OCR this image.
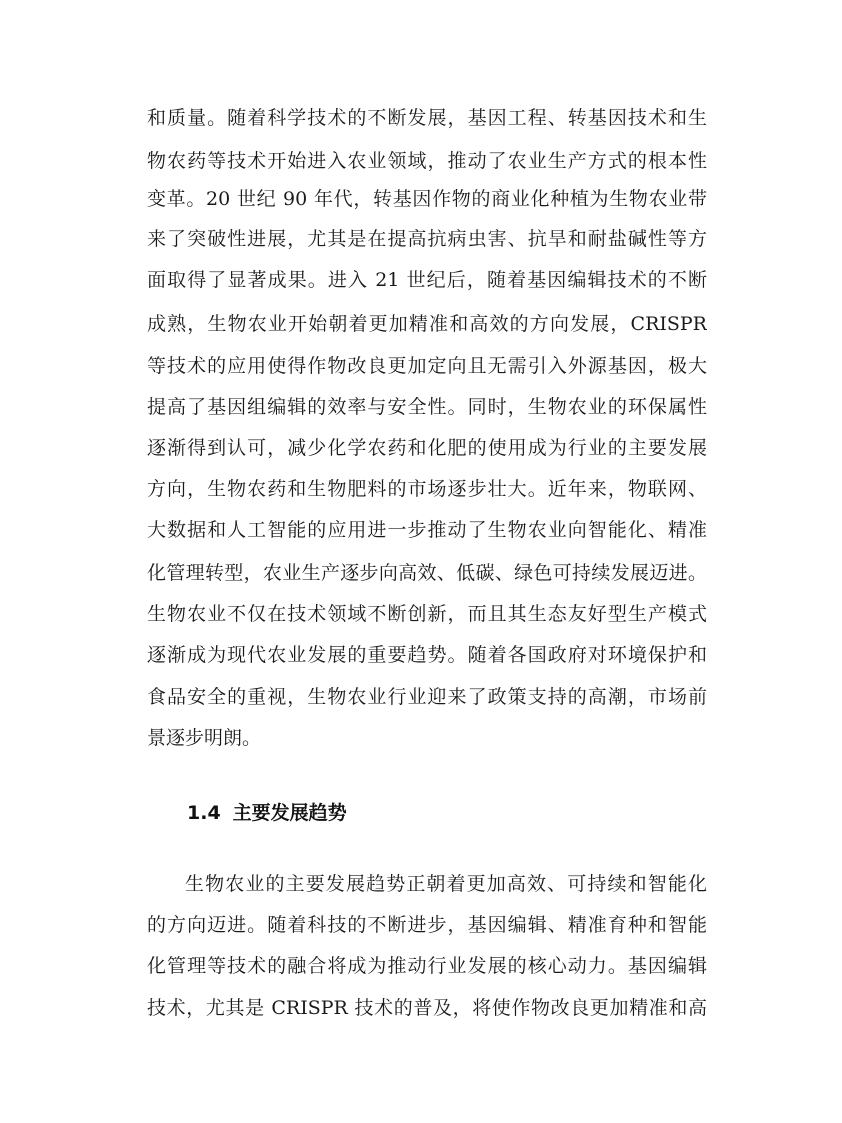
和质量。随着科学技术的不断发展，基因工程、转基因技术和生
物农药等技术开始进入农业领域，推动了农业生产方式的根本性
变革。20 世纪 90 年代，转基因作物的商业化种植为生物农业带
来了突破性进展，尤其是在提高抗病虫害、抗旱和耐盐碱性等方
面取得了显著成果。进入 21 世纪后，随着基因编辑技术的不断
成熟，生物农业开始朝着更加精准和高效的方向发展，CRISPR
等技术的应用使得作物改良更加定向且无需引入外源基因，极大
提高了基因组编辑的效率与安全性。同时，生物农业的环保属性
逐渐得到认可，减少化学农药和化肥的使用成为行业的主要发展
方向，生物农药和生物肥料的市场逐步壮大。近年来，物联网、
大数据和人工智能的应用进一步推动了生物农业向智能化、精准
化管理转型，农业生产逐步向高效、低碳、绿色可持续发展迈进。
生物农业不仅在技术领域不断创新，而且其生态友好型生产模式
逐渐成为现代农业发展的重要趋势。随着各国政府对环境保护和
食品安全的重视，生物农业行业迎来了政策支持的高潮，市场前
景逐步明朗。
1.4 主要发展趋势
生物农业的主要发展趋势正朝着更加高效、可持续和智能化
的方向迈进。随着科技的不断进步，基因编辑、精准育种和智能
化管理等技术的融合将成为推动行业发展的核心动力。基因编辑
技术，尤其是 CRISPR 技术的普及，将使作物改良更加精准和高
